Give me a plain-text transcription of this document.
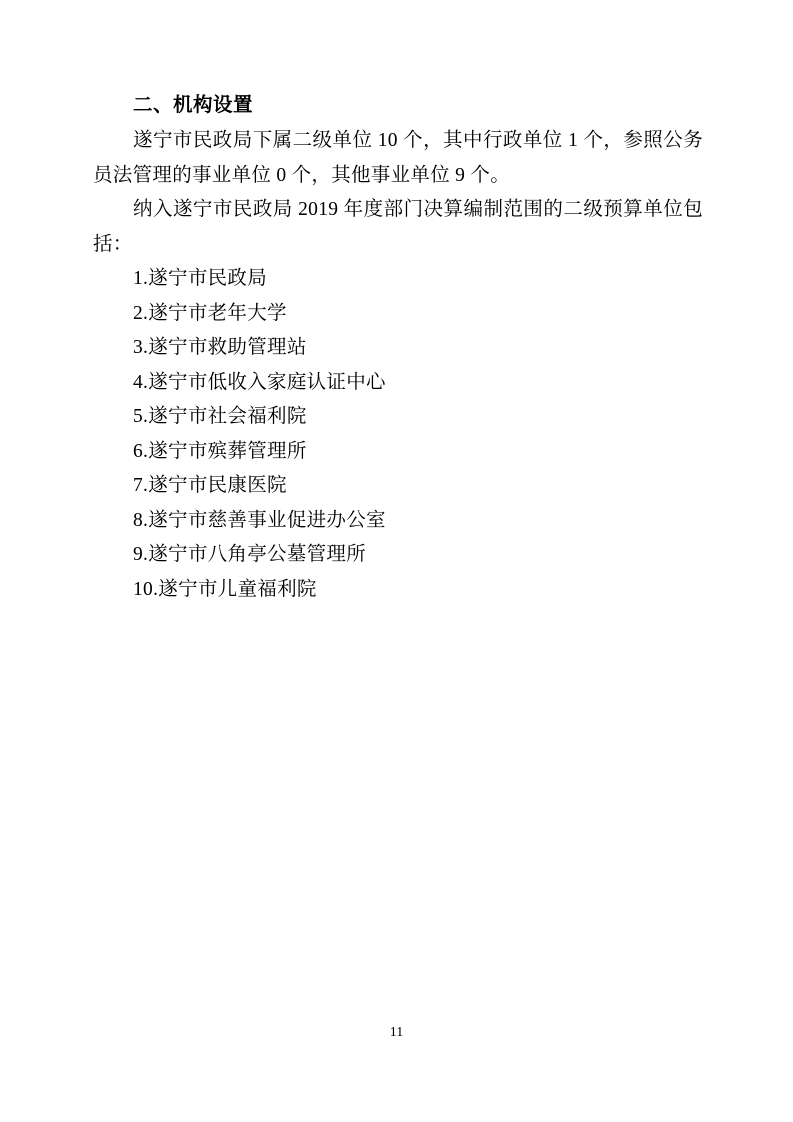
二、机构设置

遂宁市民政局下属二级单位 10 个，其中行政单位 1 个，参照公务员法管理的事业单位 0 个，其他事业单位 9 个。

纳入遂宁市民政局 2019 年度部门决算编制范围的二级预算单位包括：

1.遂宁市民政局
2.遂宁市老年大学
3.遂宁市救助管理站
4.遂宁市低收入家庭认证中心
5.遂宁市社会福利院
6.遂宁市殡葬管理所
7.遂宁市民康医院
8.遂宁市慈善事业促进办公室
9.遂宁市八角亭公墓管理所
10.遂宁市儿童福利院
11
